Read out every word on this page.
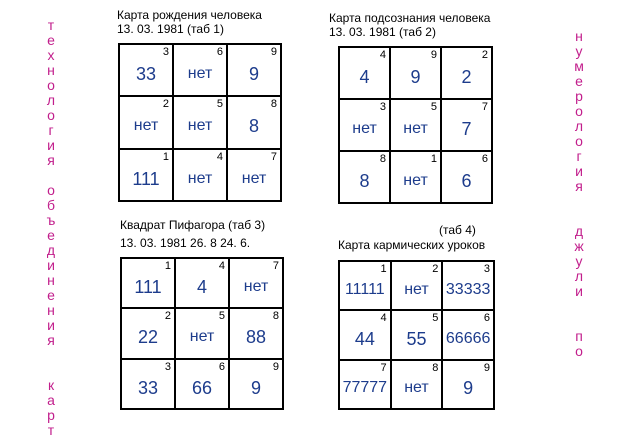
т
е
х
н
о
л
о
г
и
я
о
б
ъ
е
д
и
н
е
н
и
я
к
а
р
т
н
у
м
е
р
о
л
о
г
и
я
д
ж
у
л
и
п
о
Карта рождения человека
13. 03. 1981 (таб 1)
3
33
6
нет
9
9
2
нет
5
нет
8
8
1
111
4
нет
7
нет
Карта подсознания человека
13. 03. 1981 (таб 2)
4
4
9
9
2
2
3
нет
5
нет
7
7
8
8
1
нет
6
6
Квадрат Пифагора (таб 3)
13. 03. 1981 26. 8 24. 6.
1
111
4
4
7
нет
2
22
5
нет
8
88
3
33
6
66
9
9
(таб 4)
Карта кармических уроков
1
11111
2
нет
3
33333
4
44
5
55
6
66666
7
77777
8
нет
9
9
